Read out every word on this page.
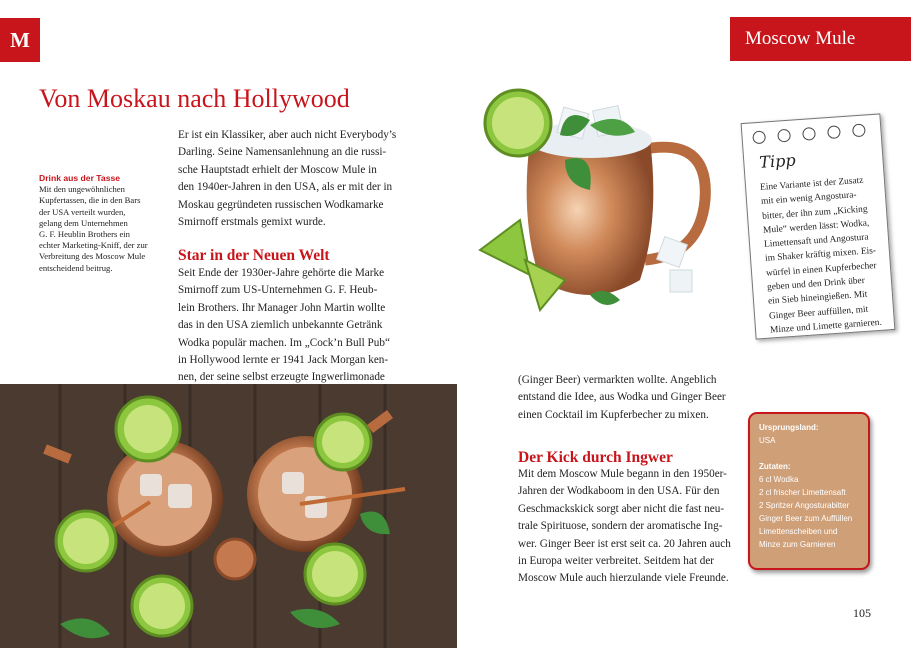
M	Moscow Mule
Von Moskau nach Hollywood
Drink aus der Tasse
Mit den ungewöhnlichen
Kupfertassen, die in den Bars
der USA verteilt wurden,
gelang dem Unternehmen
G. F. Heublin Brothers ein
echter Marketing-Kniff, der zur
Verbreitung des Moscow Mule
entscheidend beitrug.
Er ist ein Klassiker, aber auch nicht Everybody’s
Darling. Seine Namensanlehnung an die russi-
sche Hauptstadt erhielt der Moscow Mule in
den 1940er-Jahren in den USA, als er mit der in
Moskau gegründeten russischen Wodkamarke
Smirnoff erstmals gemixt wurde.
Star in der Neuen Welt
Seit Ende der 1930er-Jahre gehörte die Marke
Smirnoff zum US-Unternehmen G. F. Heub-
lein Brothers. Ihr Manager John Martin wollte
das in den USA ziemlich unbekannte Getränk
Wodka populär machen. Im „Cock’n Bull Pub“
in Hollywood lernte er 1941 Jack Morgan ken-
nen, der seine selbst erzeugte Ingwerlimonade	(Ginger Beer) vermarkten wollte. Angeblich
entstand die Idee, aus Wodka und Ginger Beer
einen Cocktail im Kupferbecher zu mixen.
Der Kick durch Ingwer
Mit dem Moscow Mule begann in den 1950er-
Jahren der Wodkaboom in den USA. Für den
Geschmackskick sorgt aber nicht die fast neu-
trale Spirituose, sondern der aromatische Ing-
wer. Ginger Beer ist erst seit ca. 20 Jahren auch
in Europa weiter verbreitet. Seitdem hat der
Moscow Mule auch hierzulande viele Freunde.
Tipp
Eine Variante ist der Zusatz
mit ein wenig Angostura-
bitter, der ihn zum „Kicking
Mule“ werden lässt: Wodka,
Limettensaft und Angostura
im Shaker kräftig mixen. Eis-
würfel in einen Kupferbecher
geben und den Drink über
ein Sieb hineingießen. Mit
Ginger Beer auffüllen, mit
Minze und Limette garnieren.
Ursprungsland:
USA
Zutaten:
6 cl Wodka
2 cl frischer Limettensaft
2 Spritzer Angosturabitter
Ginger Beer zum Auffüllen
Limettenscheiben und
Minze zum Garnieren
105
